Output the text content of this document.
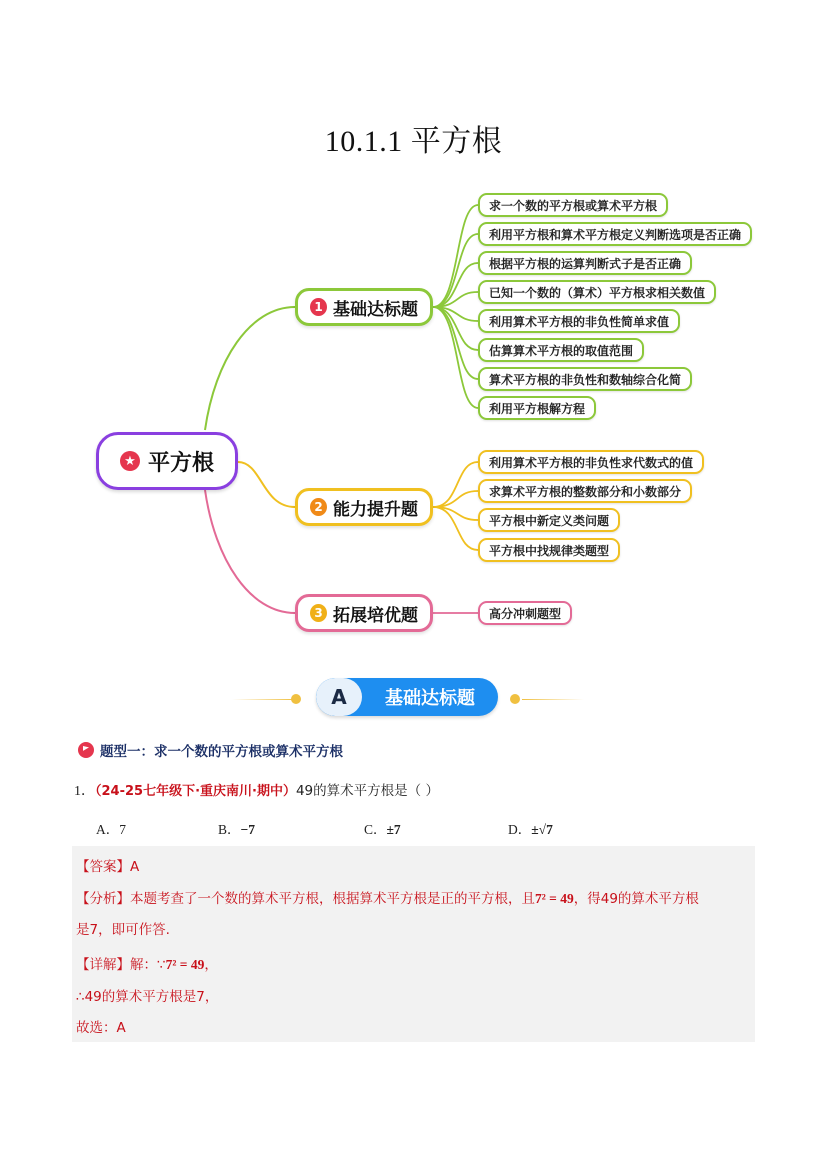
10.1.1 平方根
★ 平方根
1 基础达标题
2 能力提升题
3 拓展培优题
求一个数的平方根或算术平方根
利用平方根和算术平方根定义判断选项是否正确
根据平方根的运算判断式子是否正确
已知一个数的（算术）平方根求相关数值
利用算术平方根的非负性简单求值
估算算术平方根的取值范围
算术平方根的非负性和数轴综合化简
利用平方根解方程
利用算术平方根的非负性求代数式的值
求算术平方根的整数部分和小数部分
平方根中新定义类问题
平方根中找规律类题型
高分冲刺题型
A	基础达标题
题型一：求一个数的平方根或算术平方根
1．（24-25七年级下·重庆南川·期中）49的算术平方根是（ ）
A．7	B．−7	C．±7	D．±√7
【答案】A
【分析】本题考查了一个数的算术平方根，根据算术平方根是正的平方根，且7² = 49，得49的算术平方根
是7，即可作答.
【详解】解：∵7² = 49，
∴49的算术平方根是7，
故选：A
